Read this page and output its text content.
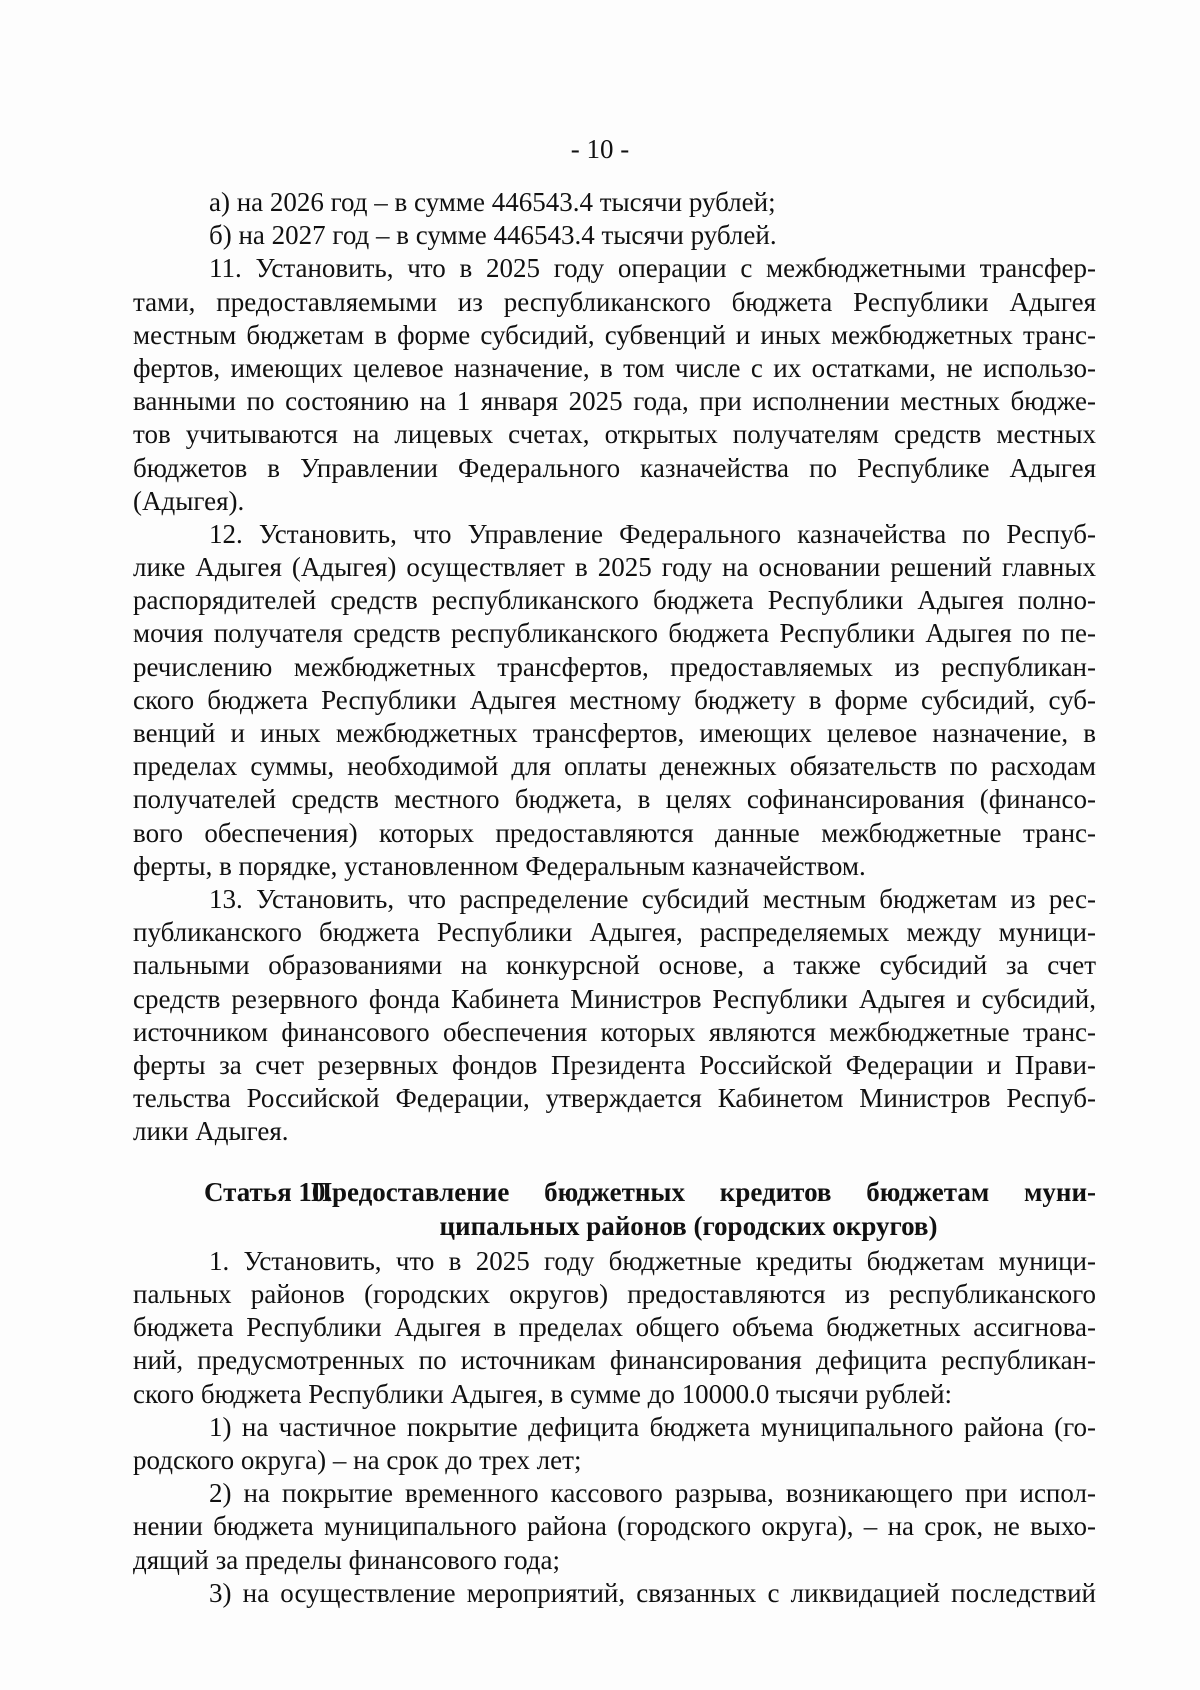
- 10 -
а) на 2026 год – в сумме 446543.4 тысячи рублей;
б) на 2027 год – в сумме 446543.4 тысячи рублей.
11. Установить, что в 2025 году операции с межбюджетными трансфер-
тами, предоставляемыми из республиканского бюджета Республики Адыгея
местным бюджетам в форме субсидий, субвенций и иных межбюджетных транс-
фертов, имеющих целевое назначение, в том числе с их остатками, не использо-
ванными по состоянию на 1 января 2025 года, при исполнении местных бюдже-
тов учитываются на лицевых счетах, открытых получателям средств местных
бюджетов в Управлении Федерального казначейства по Республике Адыгея
(Адыгея).
12. Установить, что Управление Федерального казначейства по Респуб-
лике Адыгея (Адыгея) осуществляет в 2025 году на основании решений главных
распорядителей средств республиканского бюджета Республики Адыгея полно-
мочия получателя средств республиканского бюджета Республики Адыгея по пе-
речислению межбюджетных трансфертов, предоставляемых из республикан-
ского бюджета Республики Адыгея местному бюджету в форме субсидий, суб-
венций и иных межбюджетных трансфертов, имеющих целевое назначение, в
пределах суммы, необходимой для оплаты денежных обязательств по расходам
получателей средств местного бюджета, в целях софинансирования (финансо-
вого обеспечения) которых предоставляются данные межбюджетные транс-
ферты, в порядке, установленном Федеральным казначейством.
13. Установить, что распределение субсидий местным бюджетам из рес-
публиканского бюджета Республики Адыгея, распределяемых между муници-
пальными образованиями на конкурсной основе, а также субсидий за счет
средств резервного фонда Кабинета Министров Республики Адыгея и субсидий,
источником финансового обеспечения которых являются межбюджетные транс-
ферты за счет резервных фондов Президента Российской Федерации и Прави-
тельства Российской Федерации, утверждается Кабинетом Министров Респуб-
лики Адыгея.
Статья 10.
Предоставление бюджетных кредитов бюджетам муни-
ципальных районов (городских округов)
1. Установить, что в 2025 году бюджетные кредиты бюджетам муници-
пальных районов (городских округов) предоставляются из республиканского
бюджета Республики Адыгея в пределах общего объема бюджетных ассигнова-
ний, предусмотренных по источникам финансирования дефицита республикан-
ского бюджета Республики Адыгея, в сумме до 10000.0 тысячи рублей:
1) на частичное покрытие дефицита бюджета муниципального района (го-
родского округа) – на срок до трех лет;
2) на покрытие временного кассового разрыва, возникающего при испол-
нении бюджета муниципального района (городского округа), – на срок, не выхо-
дящий за пределы финансового года;
3) на осуществление мероприятий, связанных с ликвидацией последствий
